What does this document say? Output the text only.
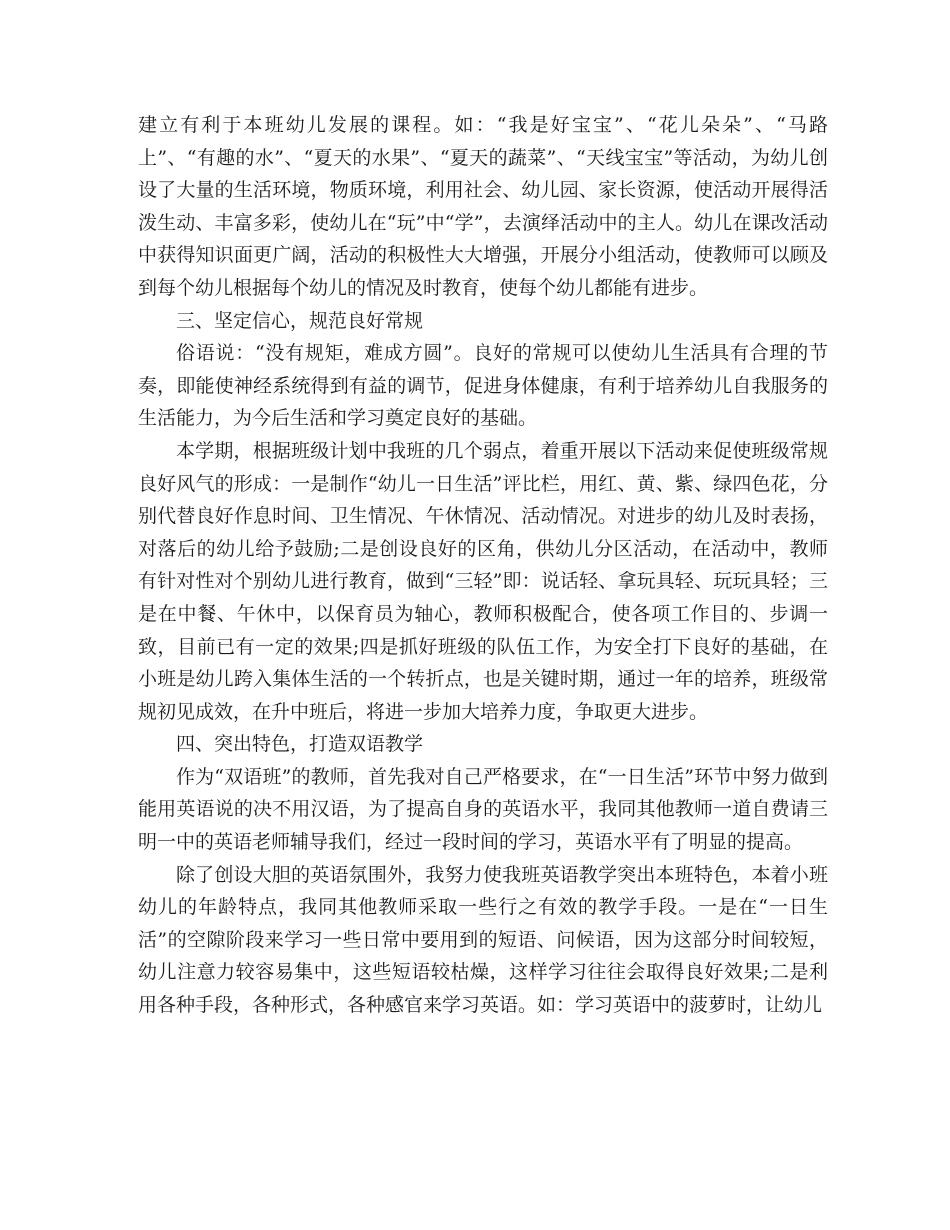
建立有利于本班幼儿发展的课程。如：“我是好宝宝”、“花儿朵朵”、“马路上”、“有趣的水”、“夏天的水果”、“夏天的蔬菜”、“天线宝宝”等活动，为幼儿创设了大量的生活环境，物质环境，利用社会、幼儿园、家长资源，使活动开展得活泼生动、丰富多彩，使幼儿在“玩”中“学”，去演绎活动中的主人。幼儿在课改活动中获得知识面更广阔，活动的积极性大大增强，开展分小组活动，使教师可以顾及到每个幼儿根据每个幼儿的情况及时教育，使每个幼儿都能有进步。

三、坚定信心，规范良好常规

俗语说：“没有规矩，难成方圆”。良好的常规可以使幼儿生活具有合理的节奏，即能使神经系统得到有益的调节，促进身体健康，有利于培养幼儿自我服务的生活能力，为今后生活和学习奠定良好的基础。

本学期，根据班级计划中我班的几个弱点，着重开展以下活动来促使班级常规良好风气的形成：一是制作“幼儿一日生活”评比栏，用红、黄、紫、绿四色花，分别代替良好作息时间、卫生情况、午休情况、活动情况。对进步的幼儿及时表扬，对落后的幼儿给予鼓励;二是创设良好的区角，供幼儿分区活动，在活动中，教师有针对性对个别幼儿进行教育，做到“三轻”即：说话轻、拿玩具轻、玩玩具轻；三是在中餐、午休中，以保育员为轴心，教师积极配合，使各项工作目的、步调一致，目前已有一定的效果;四是抓好班级的队伍工作，为安全打下良好的基础，在小班是幼儿跨入集体生活的一个转折点，也是关键时期，通过一年的培养，班级常规初见成效，在升中班后，将进一步加大培养力度，争取更大进步。

四、突出特色，打造双语教学

作为“双语班”的教师，首先我对自己严格要求，在“一日生活”环节中努力做到能用英语说的决不用汉语，为了提高自身的英语水平，我同其他教师一道自费请三明一中的英语老师辅导我们，经过一段时间的学习，英语水平有了明显的提高。

除了创设大胆的英语氛围外，我努力使我班英语教学突出本班特色，本着小班幼儿的年龄特点，我同其他教师采取一些行之有效的教学手段。一是在“一日生活”的空隙阶段来学习一些日常中要用到的短语、问候语，因为这部分时间较短，幼儿注意力较容易集中，这些短语较枯燥，这样学习往往会取得良好效果;二是利用各种手段，各种形式，各种感官来学习英语。如：学习英语中的菠萝时，让幼儿
